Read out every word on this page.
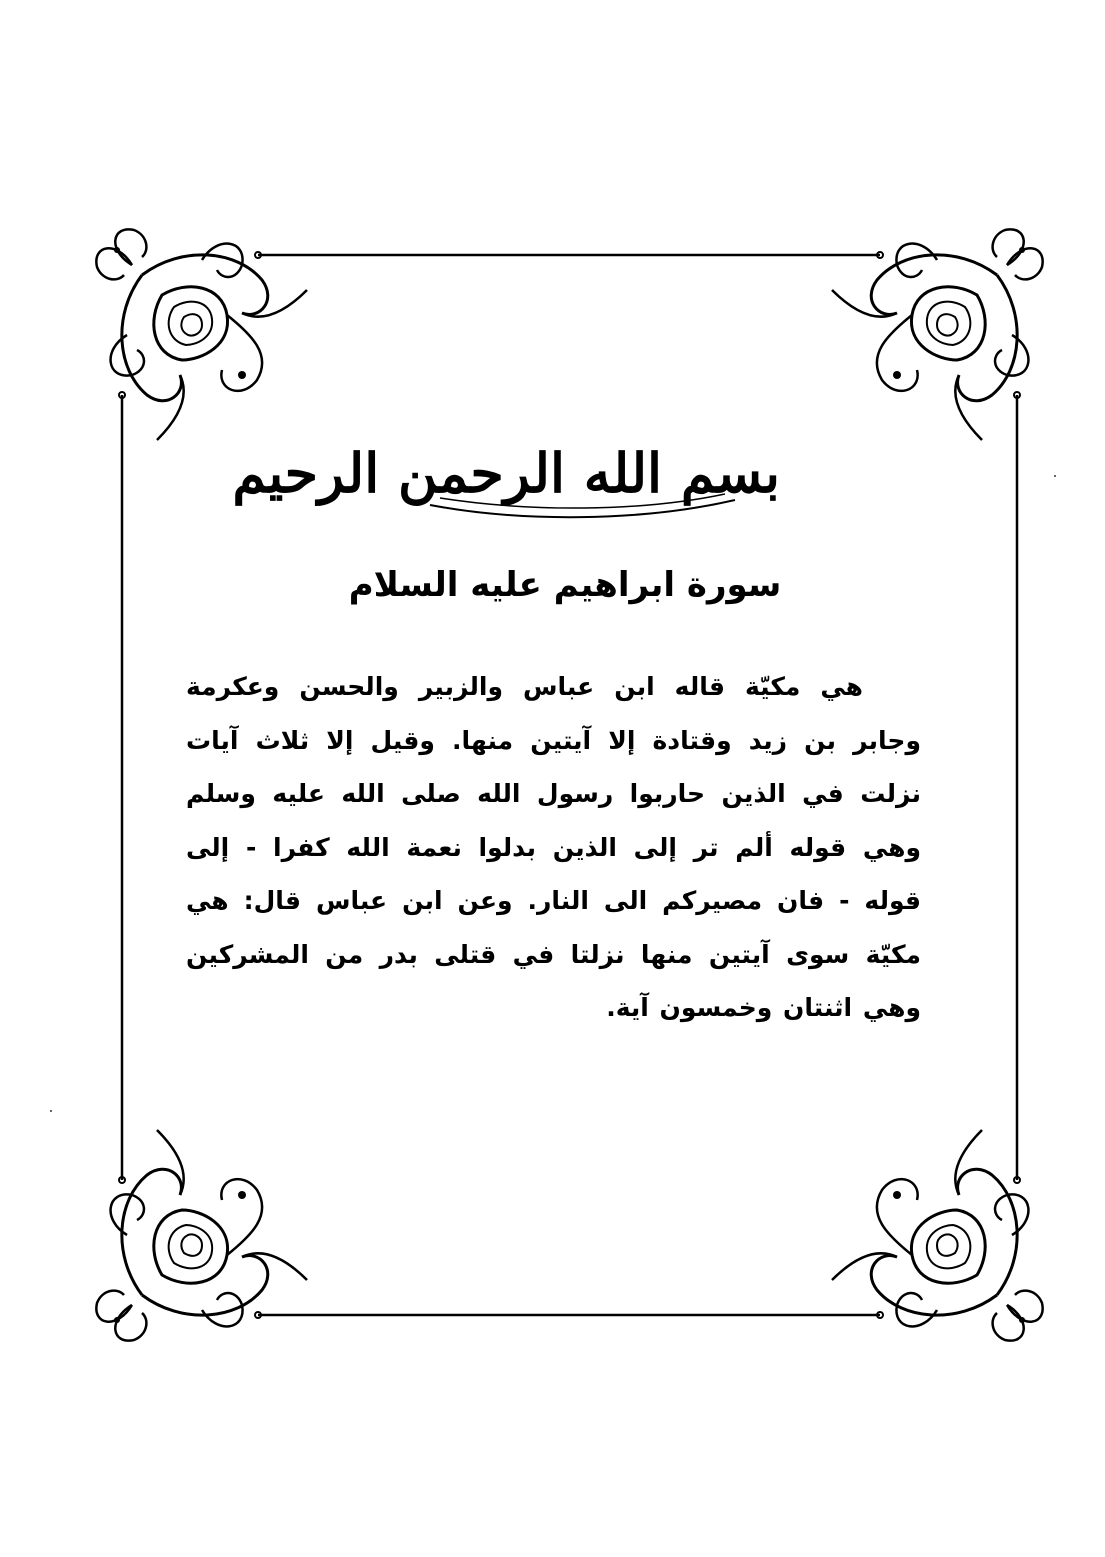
بسم الله الرحمن الرحيم
سورة ابراهيم عليه السلام
هي مكيّة قاله ابن عباس والزبير والحسن وعكرمة وجابر بن زيد وقتادة إلا آيتين منها. وقيل إلا ثلاث آيات نزلت في الذين حاربوا رسول الله صلى الله عليه وسلم وهي قوله ألم تر إلى الذين بدلوا نعمة الله كفرا - إلى قوله - فان مصيركم الى النار. وعن ابن عباس قال: هي مكيّة سوى آيتين منها نزلتا في قتلى بدر من المشركين وهي اثنتان وخمسون آية.
